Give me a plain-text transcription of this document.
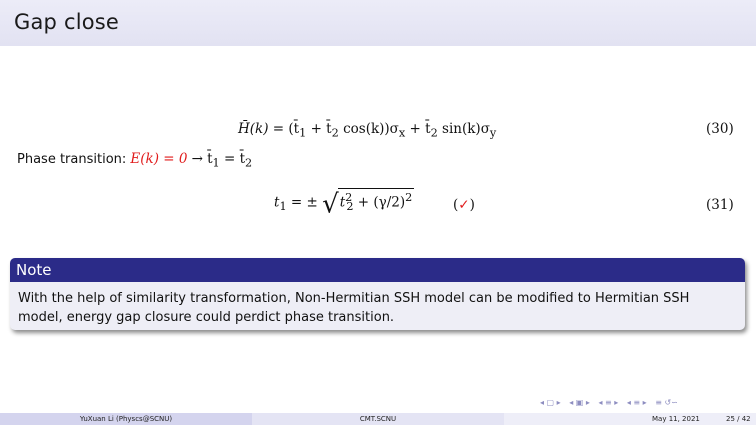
Gap close
H̄(k) = ($t̄_1$ + $t̄_2$ $\cos(k))\sigma_x$ + $t̄_2$ $\sin(k)\sigma_y$	(30)
Phase transition: $E(k) = 0 \to t̄_1$ = $t̄_2$
$t_1$ = ± $√t^2_2 + (\gamma/2)^2$	(✓)	(31)
Note
With the help of similarity transformation, Non-Hermitian SSH model can be modified to Hermitian SSH model, energy gap closure could perdict phase transition.
◂ ▢ ▸ ◂ ▣ ▸ ◂ ≡ ▸ ◂ ≡ ▸ ≡ ↺∽
YuXuan Li (Physcs@SCNU)	CMT.SCNU	May 11, 2021	25 / 42
